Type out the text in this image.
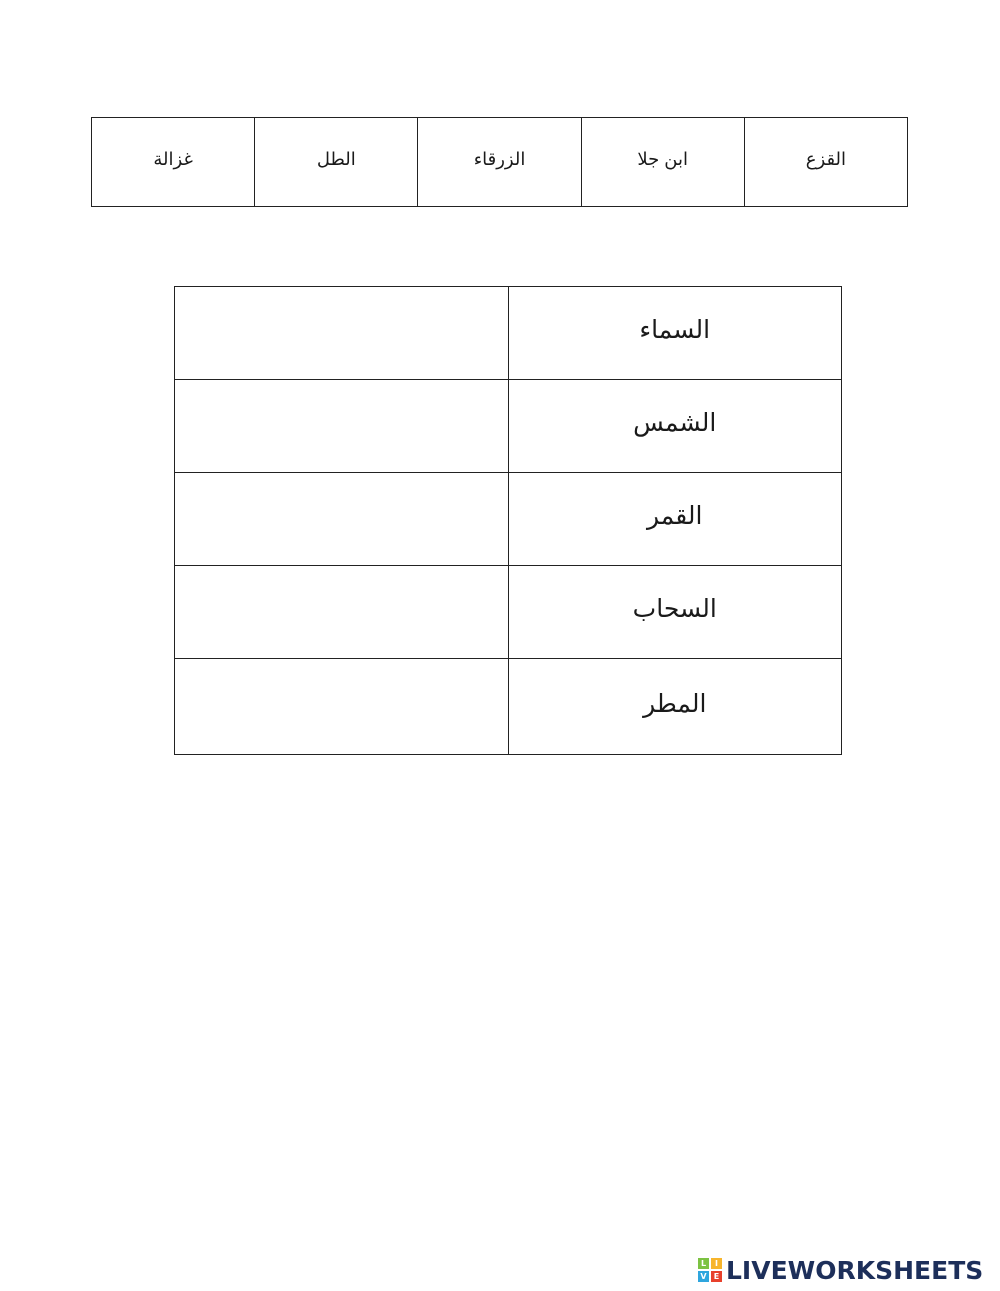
القزع	ابن جلا	الزرقاء	الطل	غزالة
السماء	
الشمس	
القمر	
السحاب	
المطر	
L	I
V E LIVEWORKSHEETS
